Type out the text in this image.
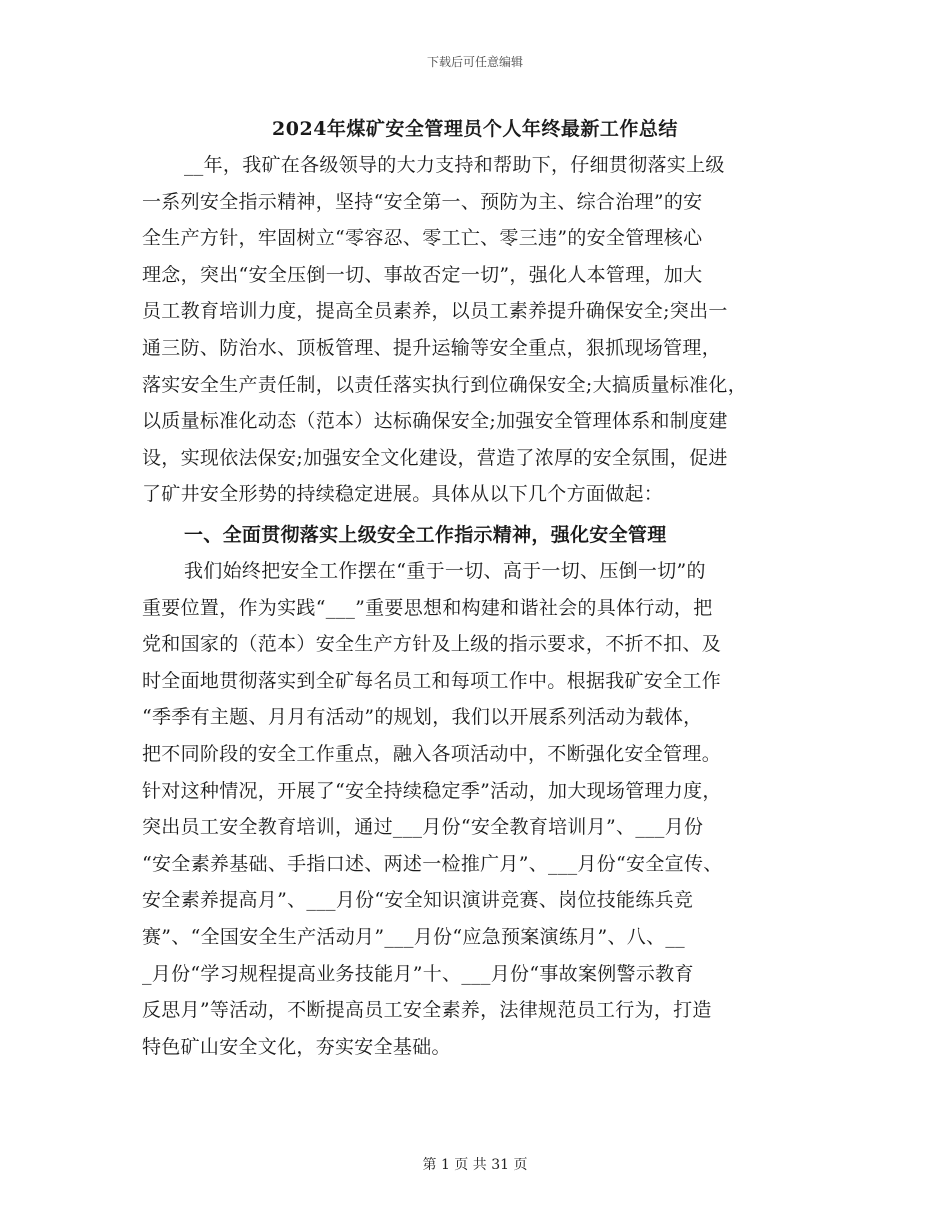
下载后可任意编辑
2024年煤矿安全管理员个人年终最新工作总结
__年，我矿在各级领导的大力支持和帮助下，仔细贯彻落实上级
一系列安全指示精神，坚持“安全第一、预防为主、综合治理”的安
全生产方针，牢固树立“零容忍、零工亡、零三违”的安全管理核心
理念，突出“安全压倒一切、事故否定一切”，强化人本管理，加大
员工教育培训力度，提高全员素养，以员工素养提升确保安全;突出一
通三防、防治水、顶板管理、提升运输等安全重点，狠抓现场管理，
落实安全生产责任制，以责任落实执行到位确保安全;大搞质量标准化，
以质量标准化动态（范本）达标确保安全;加强安全管理体系和制度建
设，实现依法保安;加强安全文化建设，营造了浓厚的安全氛围，促进
了矿井安全形势的持续稳定进展。具体从以下几个方面做起：
一、全面贯彻落实上级安全工作指示精神，强化安全管理
我们始终把安全工作摆在“重于一切、高于一切、压倒一切”的
重要位置，作为实践“___”重要思想和构建和谐社会的具体行动，把
党和国家的（范本）安全生产方针及上级的指示要求，不折不扣、及
时全面地贯彻落实到全矿每名员工和每项工作中。根据我矿安全工作
“季季有主题、月月有活动”的规划，我们以开展系列活动为载体，
把不同阶段的安全工作重点，融入各项活动中，不断强化安全管理。
针对这种情况，开展了“安全持续稳定季”活动，加大现场管理力度，
突出员工安全教育培训，通过___月份“安全教育培训月”、___月份
“安全素养基础、手指口述、两述一检推广月”、___月份“安全宣传、
安全素养提高月”、___月份“安全知识演讲竞赛、岗位技能练兵竞
赛”、“全国安全生产活动月”___月份“应急预案演练月”、八、__
_月份“学习规程提高业务技能月”十、___月份“事故案例警示教育
反思月”等活动，不断提高员工安全素养，法律规范员工行为，打造
特色矿山安全文化，夯实安全基础。
第 1 页 共 31 页
